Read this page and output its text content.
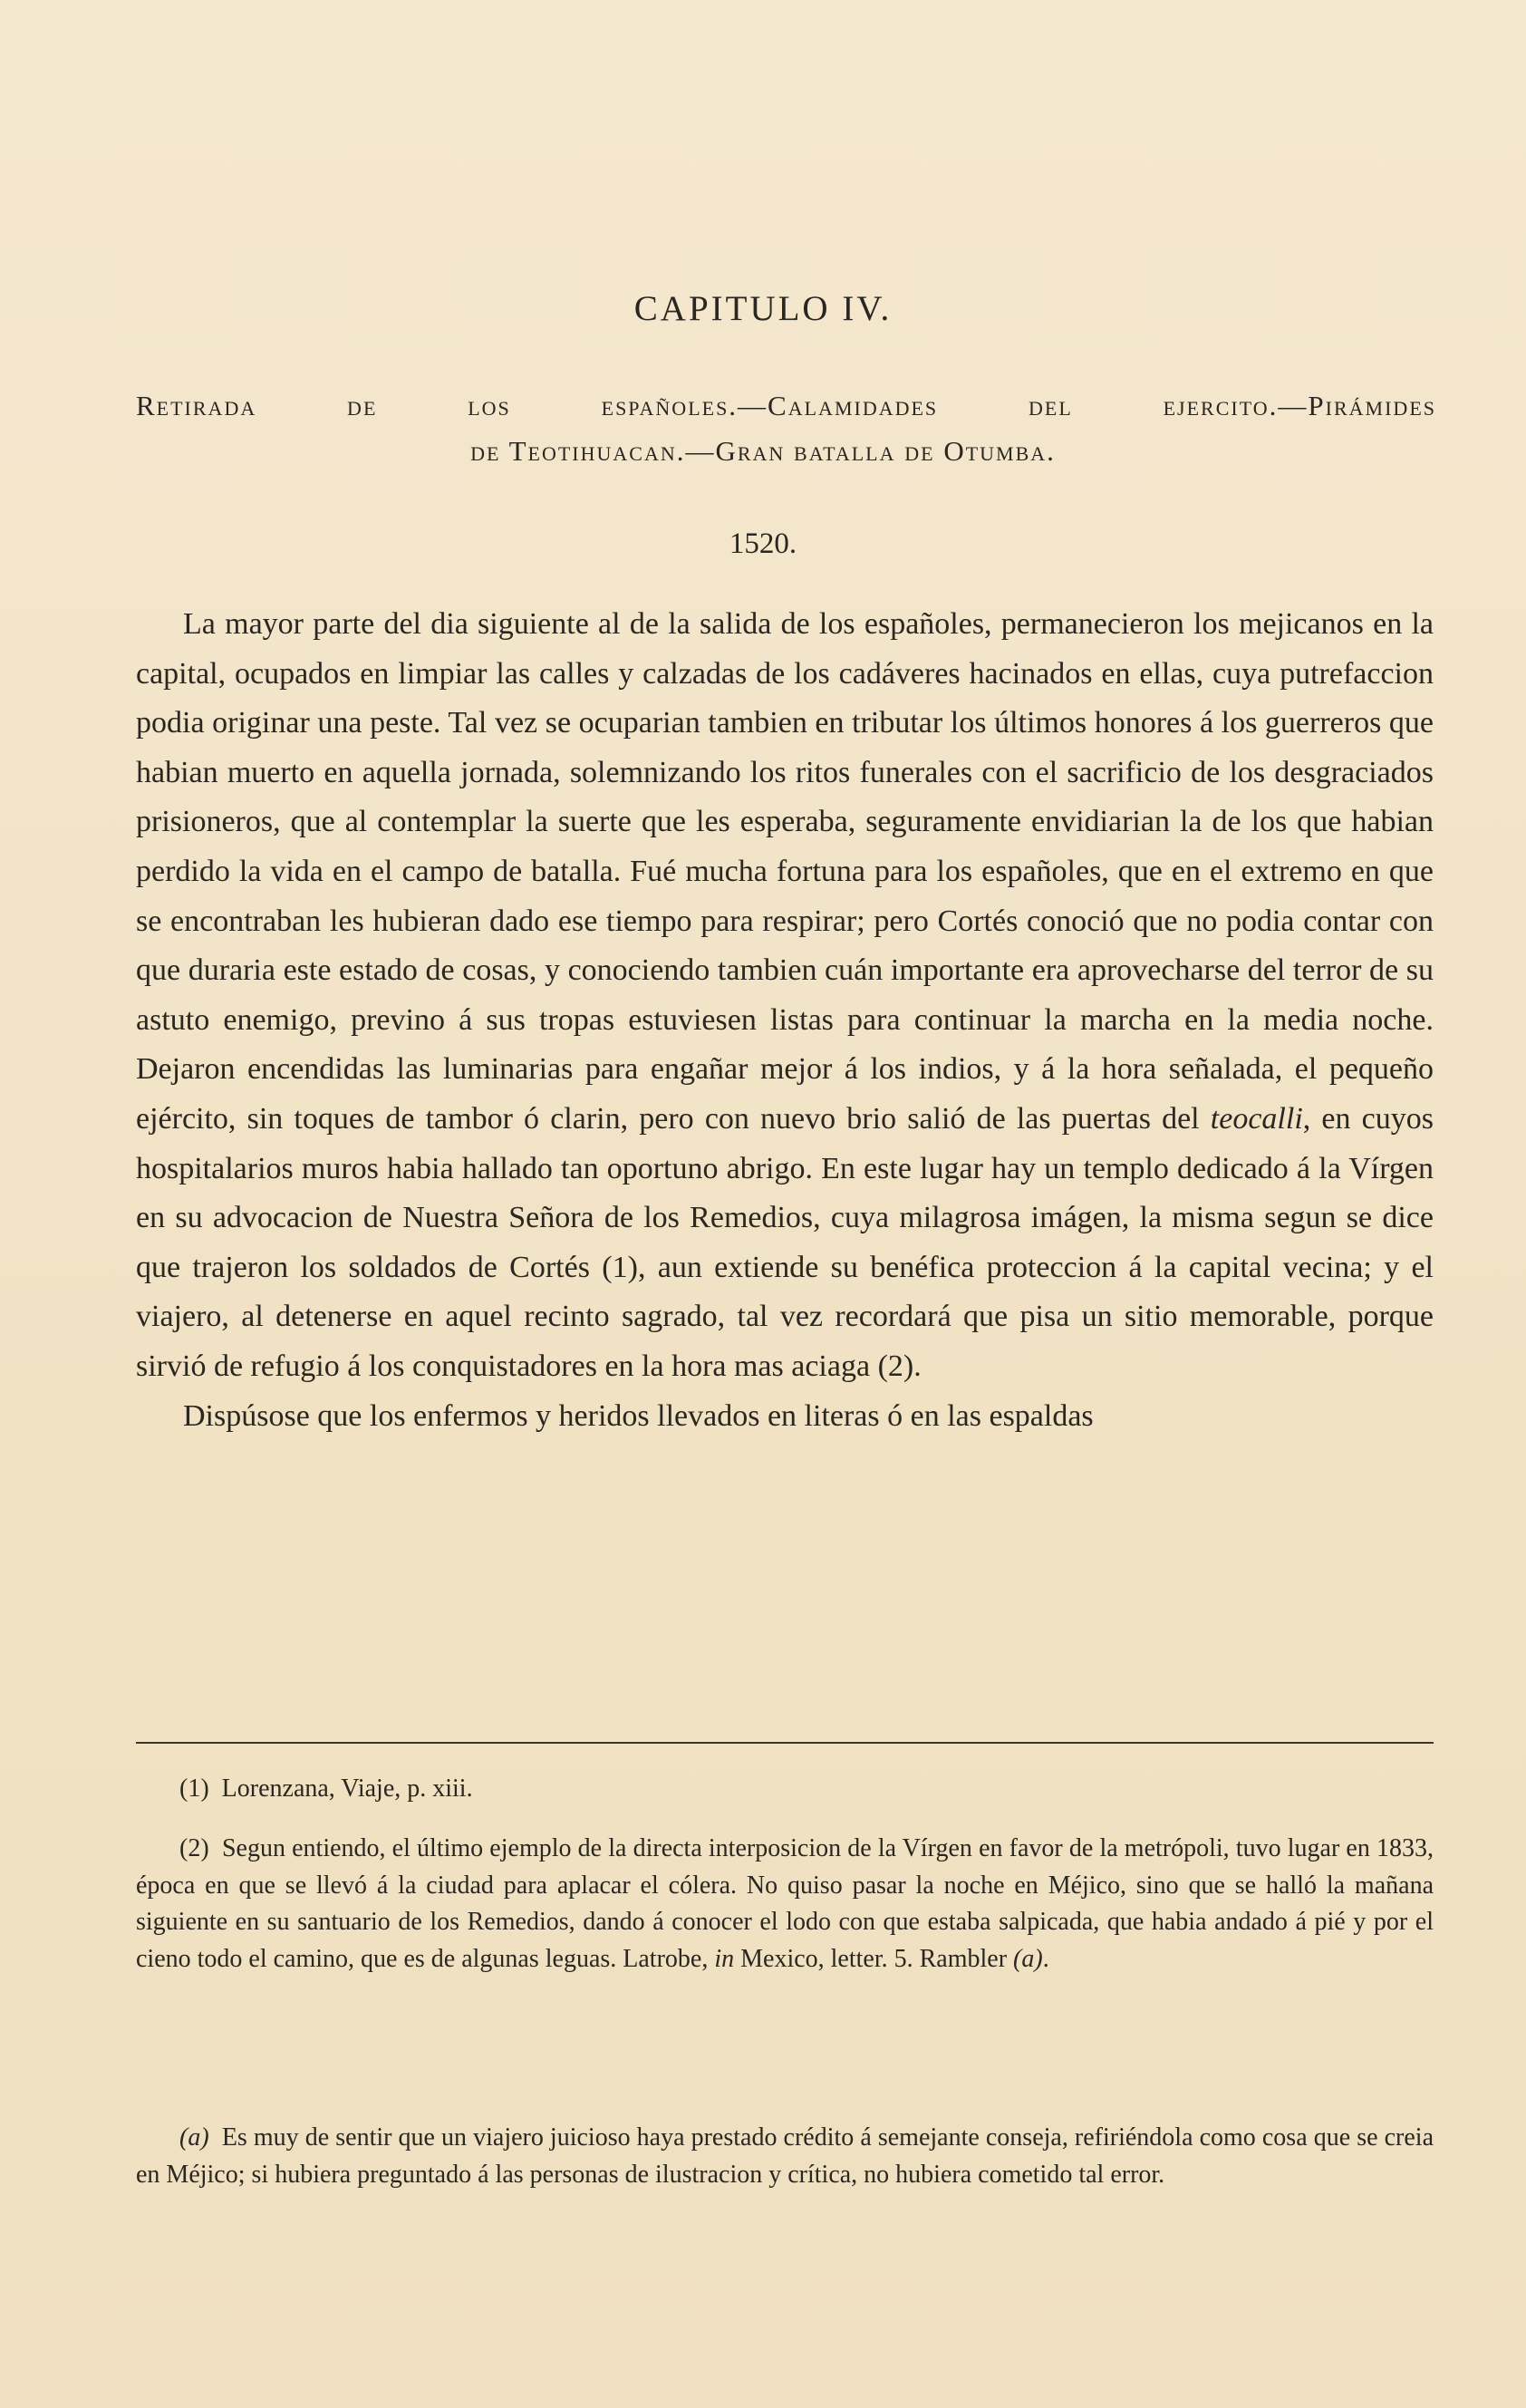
CAPITULO IV.
Retirada de los españoles.—Calamidades del ejercito.—Pirámides
de Teotihuacan.—Gran batalla de Otumba.
1520.

La mayor parte del dia siguiente al de la salida de los españoles, permanecieron los mejicanos en la capital, ocupados en limpiar las calles y calzadas de los cadáveres hacinados en ellas, cuya putrefaccion podia originar una peste. Tal vez se ocuparian tambien en tributar los últimos honores á los guerreros que habian muerto en aquella jornada, solemnizando los ritos funerales con el sacrificio de los desgraciados prisioneros, que al contemplar la suerte que les esperaba, seguramente envidiarian la de los que habian perdido la vida en el campo de batalla. Fué mucha fortuna para los españoles, que en el extremo en que se encontraban les hubieran dado ese tiempo para respirar; pero Cortés conoció que no podia contar con que duraria este estado de cosas, y conociendo tambien cuán importante era aprovecharse del terror de su astuto enemigo, previno á sus tropas estuviesen listas para continuar la marcha en la media noche. Dejaron encendidas las luminarias para engañar mejor á los indios, y á la hora señalada, el pequeño ejército, sin toques de tambor ó clarin, pero con nuevo brio salió de las puertas del teocalli, en cuyos hospitalarios muros habia hallado tan oportuno abrigo. En este lugar hay un templo dedicado á la Vírgen en su advocacion de Nuestra Señora de los Remedios, cuya milagrosa imágen, la misma segun se dice que trajeron los soldados de Cortés (1), aun extiende su benéfica proteccion á la capital vecina; y el viajero, al detenerse en aquel recinto sagrado, tal vez recordará que pisa un sitio memorable, porque sirvió de refugio á los conquistadores en la hora mas aciaga (2).

Dispúsose que los enfermos y heridos llevados en literas ó en las espaldas

(1) Lorenzana, Viaje, p. xiii.

(2) Segun entiendo, el último ejemplo de la directa interposicion de la Vírgen en favor de la metrópoli, tuvo lugar en 1833, época en que se llevó á la ciudad para aplacar el cólera. No quiso pasar la noche en Méjico, sino que se halló la mañana siguiente en su santuario de los Remedios, dando á conocer el lodo con que estaba salpicada, que habia andado á pié y por el cieno todo el camino, que es de algunas leguas. Latrobe, in Mexico, letter. 5. Rambler (a).

(a) Es muy de sentir que un viajero juicioso haya prestado crédito á semejante conseja, refiriéndola como cosa que se creia en Méjico; si hubiera preguntado á las personas de ilustracion y crítica, no hubiera cometido tal error.
